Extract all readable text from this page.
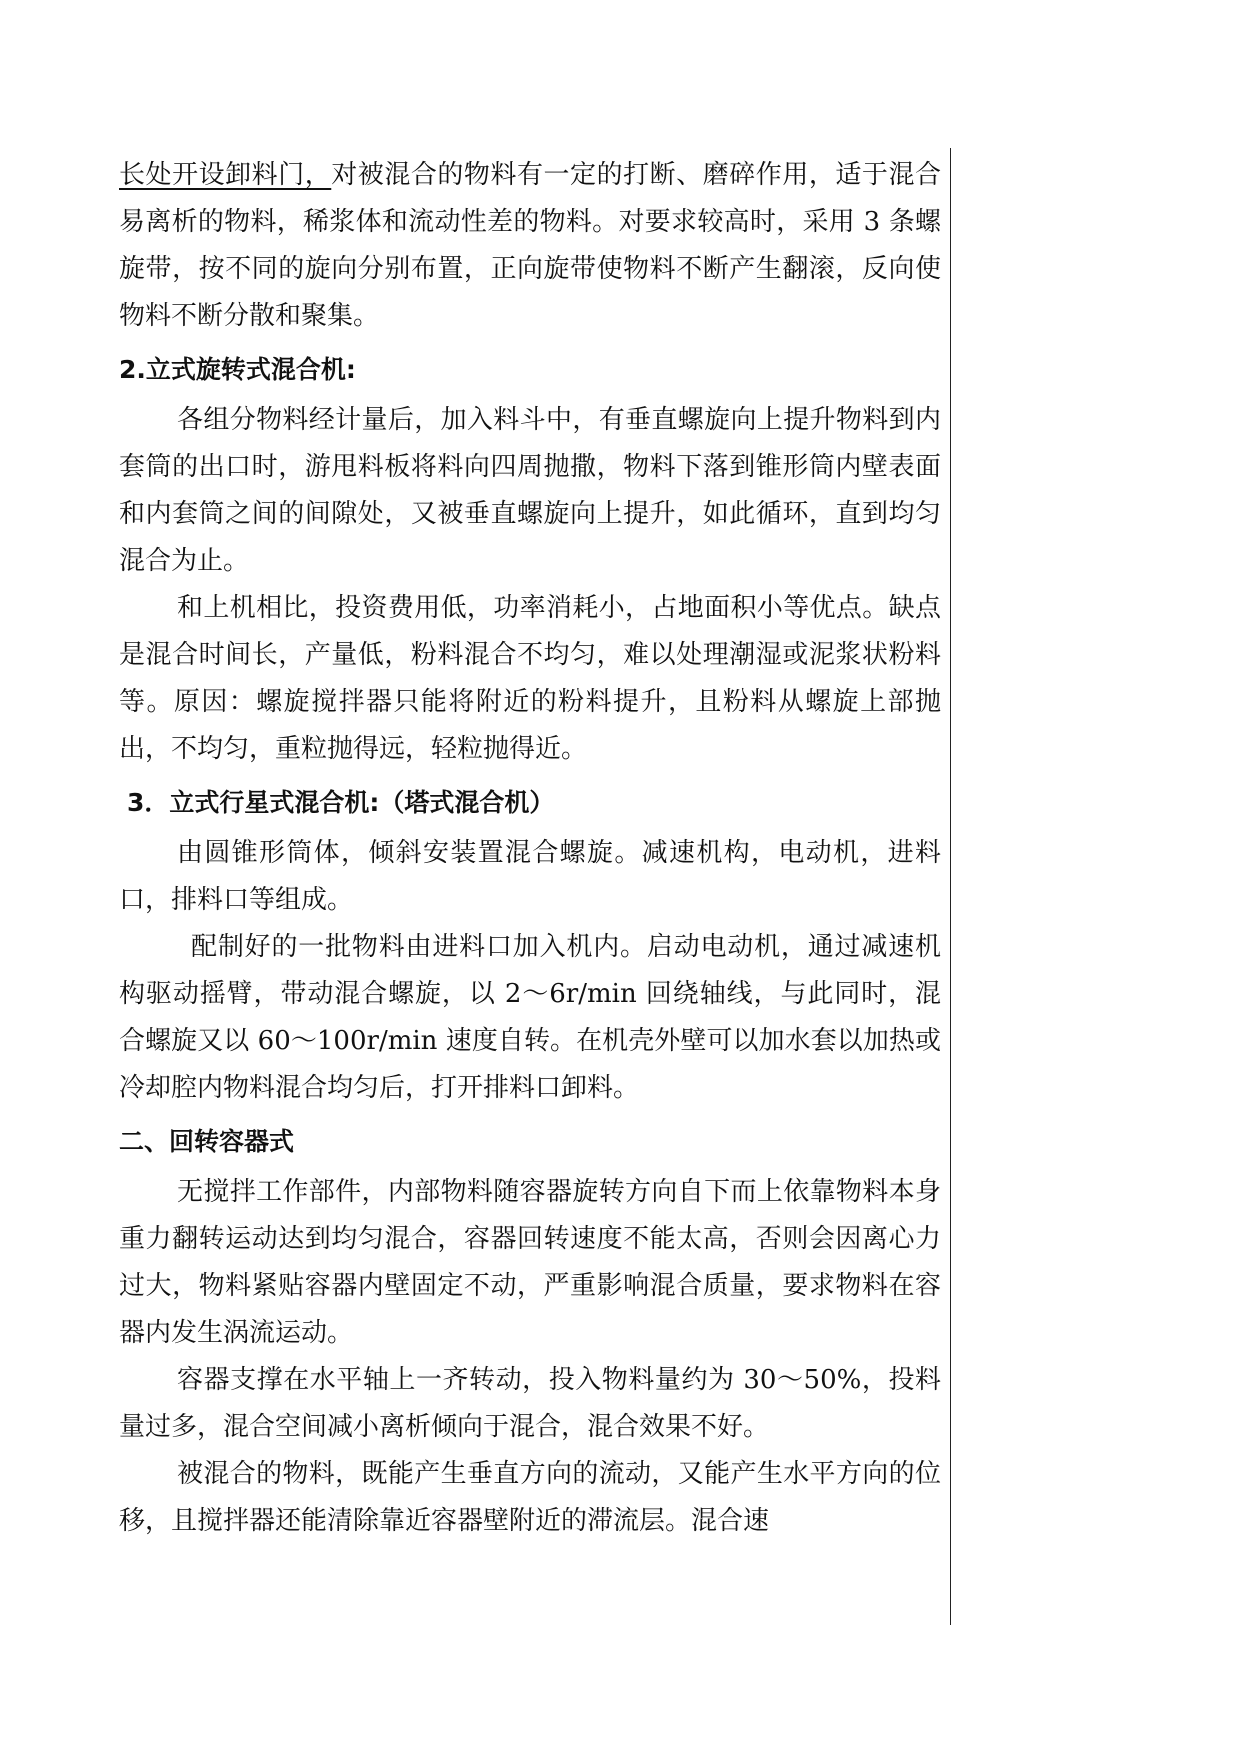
长处开设卸料门，对被混合的物料有一定的打断、磨碎作用，适于混合易离析的物料，稀浆体和流动性差的物料。对要求较高时，采用 3 条螺旋带，按不同的旋向分别布置，正向旋带使物料不断产生翻滚，反向使物料不断分散和聚集。

2.立式旋转式混合机:

各组分物料经计量后，加入料斗中，有垂直螺旋向上提升物料到内套筒的出口时，游甩料板将料向四周抛撒，物料下落到锥形筒内壁表面和内套筒之间的间隙处，又被垂直螺旋向上提升，如此循环，直到均匀混合为止。

和上机相比，投资费用低，功率消耗小，占地面积小等优点。缺点是混合时间长，产量低，粉料混合不均匀，难以处理潮湿或泥浆状粉料等。原因：螺旋搅拌器只能将附近的粉料提升，且粉料从螺旋上部抛出，不均匀，重粒抛得远，轻粒抛得近。

3．立式行星式混合机:（塔式混合机）

由圆锥形筒体，倾斜安装置混合螺旋。减速机构，电动机，进料口，排料口等组成。

配制好的一批物料由进料口加入机内。启动电动机，通过减速机构驱动摇臂，带动混合螺旋，以 2～6r/min 回绕轴线，与此同时，混合螺旋又以 60～100r/min 速度自转。在机壳外壁可以加水套以加热或冷却腔内物料混合均匀后，打开排料口卸料。

二、回转容器式

无搅拌工作部件，内部物料随容器旋转方向自下而上依靠物料本身重力翻转运动达到均匀混合，容器回转速度不能太高，否则会因离心力过大，物料紧贴容器内壁固定不动，严重影响混合质量，要求物料在容器内发生涡流运动。

容器支撑在水平轴上一齐转动，投入物料量约为 30～50%，投料量过多，混合空间减小离析倾向于混合，混合效果不好。

被混合的物料，既能产生垂直方向的流动，又能产生水平方向的位移，且搅拌器还能清除靠近容器壁附近的滞流层。混合速
